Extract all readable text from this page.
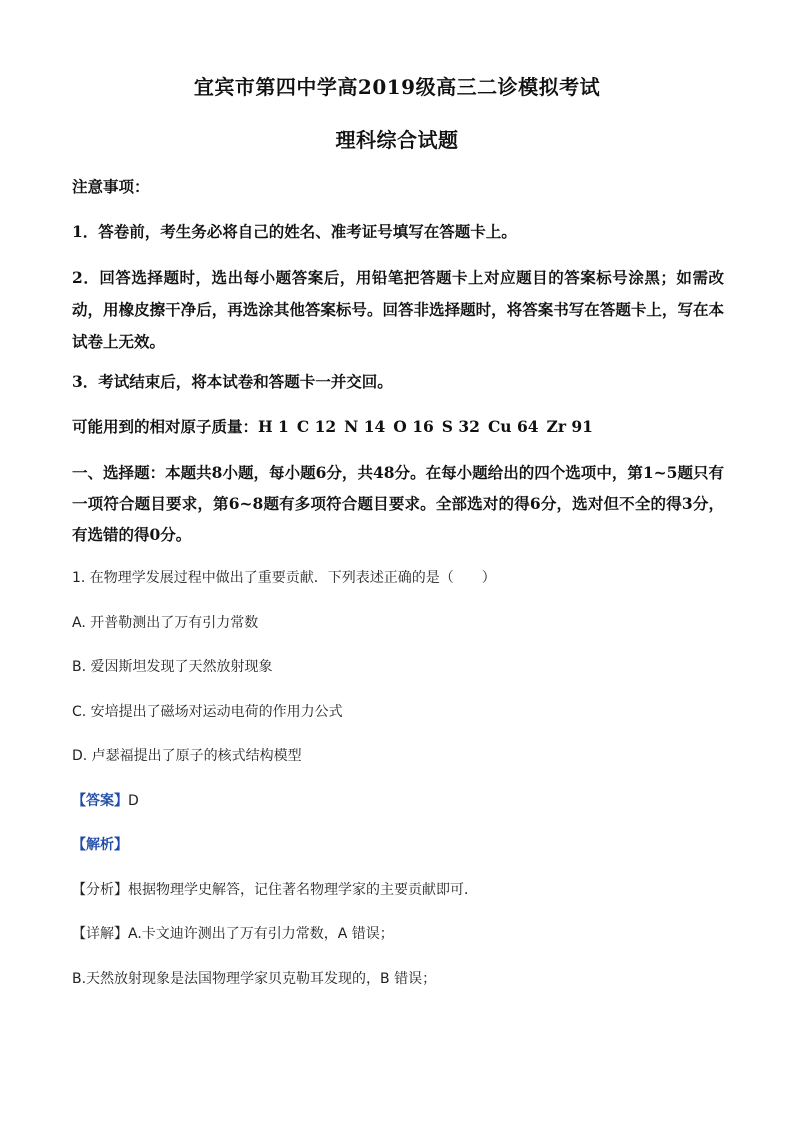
宜宾市第四中学高2019级高三二诊模拟考试
理科综合试题
注意事项：
1．答卷前，考生务必将自己的姓名、准考证号填写在答题卡上。
2．回答选择题时，选出每小题答案后，用铅笔把答题卡上对应题目的答案标号涂黑；如需改动，用橡皮擦干净后，再选涂其他答案标号。回答非选择题时，将答案书写在答题卡上，写在本试卷上无效。
3．考试结束后，将本试卷和答题卡一并交回。
可能用到的相对原子质量：H 1 C 12 N 14 O 16 S 32 Cu 64 Zr 91
一、选择题：本题共8小题，每小题6分，共48分。在每小题给出的四个选项中，第1~5题只有一项符合题目要求，第6~8题有多项符合题目要求。全部选对的得6分，选对但不全的得3分，有选错的得0分。
1. 在物理学发展过程中做出了重要贡献．下列表述正确的是（　　）
A. 开普勒测出了万有引力常数
B. 爱因斯坦发现了天然放射现象
C. 安培提出了磁场对运动电荷的作用力公式
D. 卢瑟福提出了原子的核式结构模型
【答案】D
【解析】
【分析】根据物理学史解答，记住著名物理学家的主要贡献即可．
【详解】A.卡文迪许测出了万有引力常数，A 错误；
B.天然放射现象是法国物理学家贝克勒耳发现的，B 错误；
